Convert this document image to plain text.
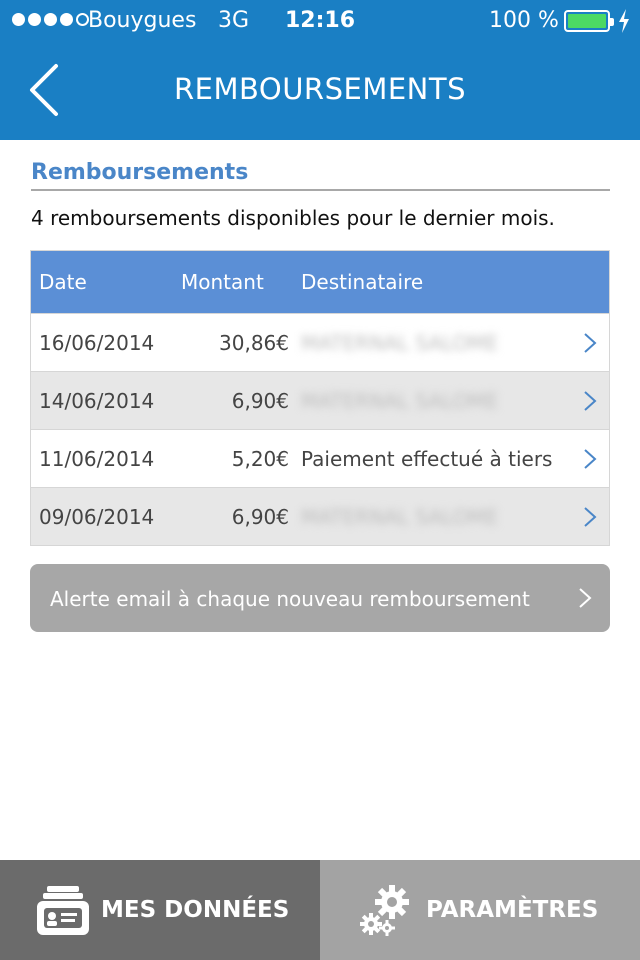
Bouygues 3G	12:16	100 %
REMBOURSEMENTS
Remboursements
4 remboursements disponibles pour le dernier mois.
Date	Montant Destinataire
16/06/2014	30,86€ MATERNAL SALOME
14/06/2014	6,90€ MATERNAL SALOME
11/06/2014	5,20€ Paiement effectué à tiers
09/06/2014	6,90€ MATERNAL SALOME
Alerte email à chaque nouveau remboursement
MES DONNÉES	PARAMÈTRES
